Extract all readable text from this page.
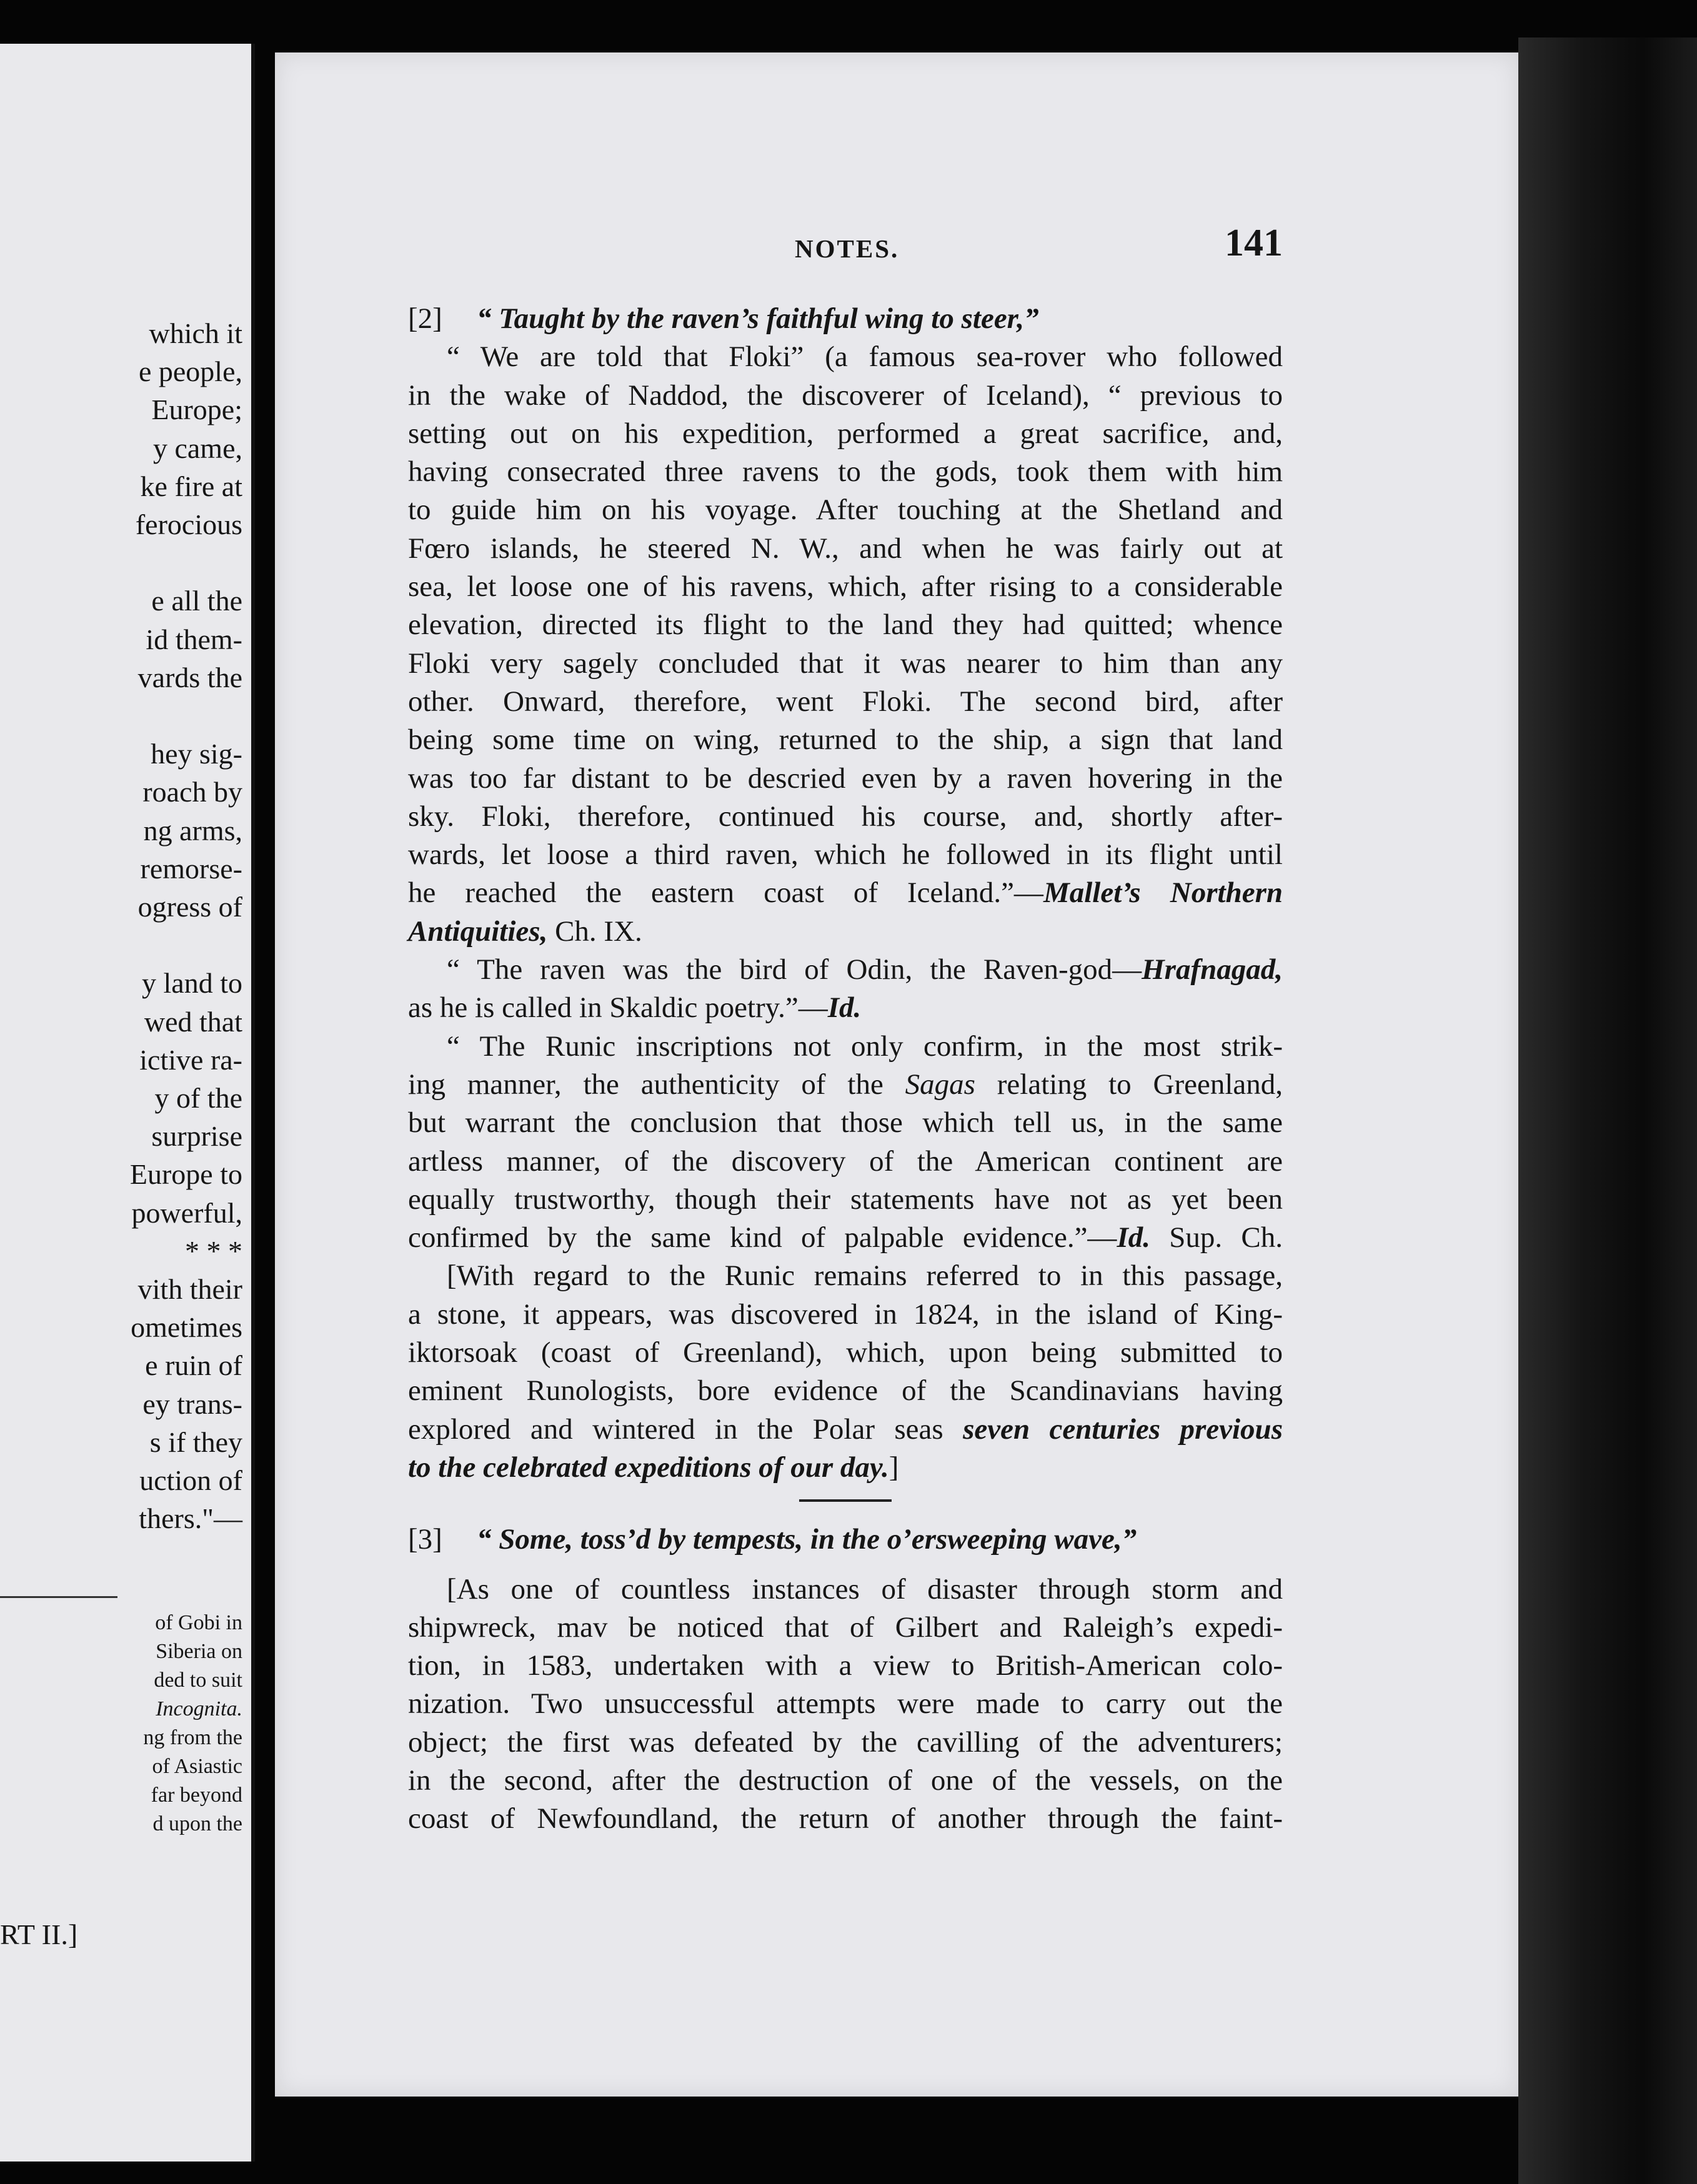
RT II.]
which it
e people,
Europe;
y came,
ke fire at
ferocious
e all the
id them-
vards the
hey sig-
roach by
ng arms,
remorse-
ogress of
y land to
wed that
ictive ra-
y of the
surprise
Europe to
powerful,
* * *
vith their
ometimes
e ruin of
ey trans-
s if they
uction of
thers."—
of Gobi in
Siberia on
ded to suit
Incognita.
ng from the
of Asiastic
far beyond
d upon the
NOTES.	141

[2] “ Taught by the raven’s faithful wing to steer,”

“ We are told that Floki” (a famous sea-rover who followed

in the wake of Naddod, the discoverer of Iceland), “ previous to

setting out on his expedition, performed a great sacrifice, and,

having consecrated three ravens to the gods, took them with him

to guide him on his voyage. After touching at the Shetland and

Fœro islands, he steered N. W., and when he was fairly out at

sea, let loose one of his ravens, which, after rising to a considerable

elevation, directed its flight to the land they had quitted; whence

Floki very sagely concluded that it was nearer to him than any

other. Onward, therefore, went Floki. The second bird, after

being some time on wing, returned to the ship, a sign that land

was too far distant to be descried even by a raven hovering in the

sky. Floki, therefore, continued his course, and, shortly after-

wards, let loose a third raven, which he followed in its flight until

he reached the eastern coast of Iceland.”—Mallet’s Northern

Antiquities, Ch. IX.

“ The raven was the bird of Odin, the Raven-god—Hrafnagad,

as he is called in Skaldic poetry.”—Id.

“ The Runic inscriptions not only confirm, in the most strik-

ing manner, the authenticity of the Sagas relating to Greenland,

but warrant the conclusion that those which tell us, in the same

artless manner, of the discovery of the American continent are

equally trustworthy, though their statements have not as yet been

confirmed by the same kind of palpable evidence.”—Id. Sup. Ch.

[With regard to the Runic remains referred to in this passage,

a stone, it appears, was discovered in 1824, in the island of King-

iktorsoak (coast of Greenland), which, upon being submitted to

eminent Runologists, bore evidence of the Scandinavians having

explored and wintered in the Polar seas seven centuries previous

to the celebrated expeditions of our day.]

[3] “ Some, toss’d by tempests, in the o’ersweeping wave,”

[As one of countless instances of disaster through storm and

shipwreck, mav be noticed that of Gilbert and Raleigh’s expedi-

tion, in 1583, undertaken with a view to British-American colo-

nization. Two unsuccessful attempts were made to carry out the

object; the first was defeated by the cavilling of the adventurers;

in the second, after the destruction of one of the vessels, on the

coast of Newfoundland, the return of another through the faint-
